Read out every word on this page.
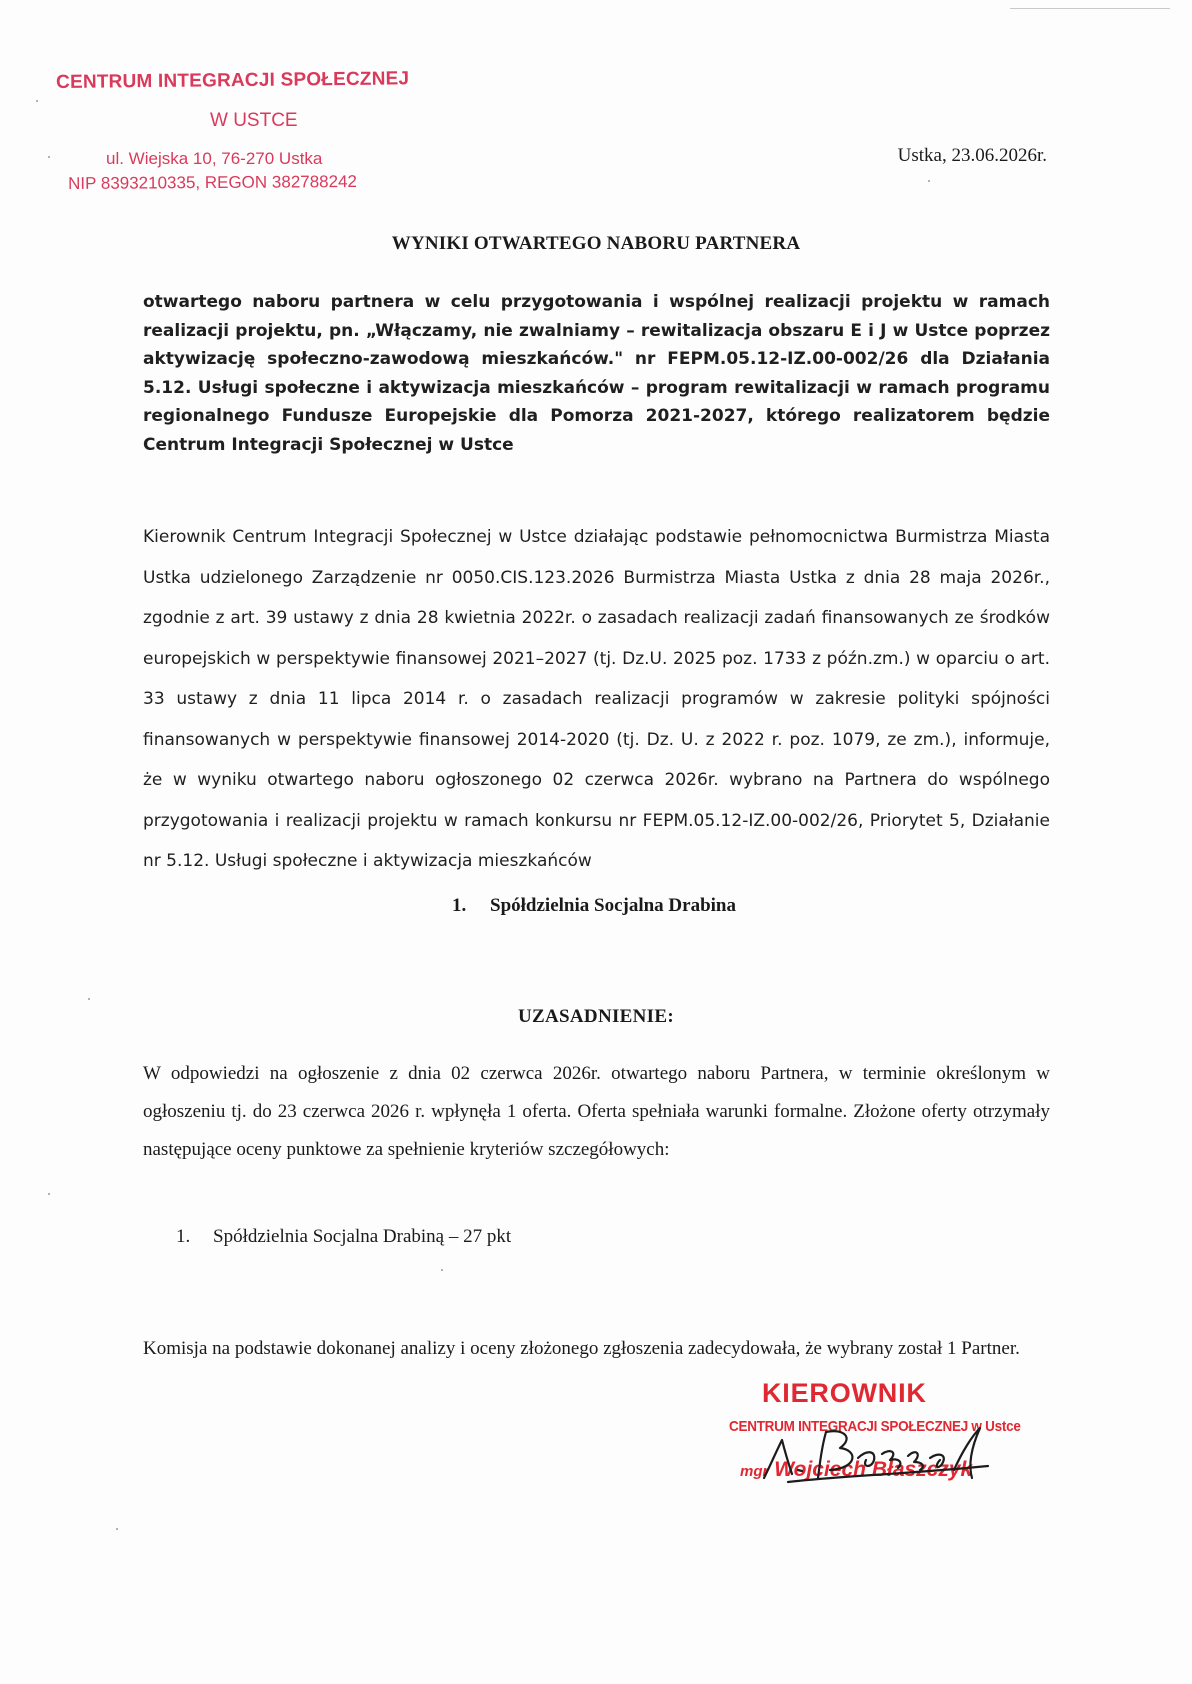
CENTRUM INTEGRACJI SPOŁECZNEJ
W USTCE
ul. Wiejska 10, 76-270 Ustka
NIP 8393210335, REGON 382788242
Ustka, 23.06.2026r.
WYNIKI OTWARTEGO NABORU PARTNERA
otwartego naboru partnera w celu przygotowania i wspólnej realizacji projektu w ramach realizacji projektu, pn. „Włączamy, nie zwalniamy – rewitalizacja obszaru E i J w Ustce poprzez aktywizację społeczno-zawodową mieszkańców." nr FEPM.05.12-IZ.00-002/26 dla Działania 5.12. Usługi społeczne i aktywizacja mieszkańców – program rewitalizacji w ramach programu regionalnego Fundusze Europejskie dla Pomorza 2021-2027, którego realizatorem będzie Centrum Integracji Społecznej w Ustce
Kierownik Centrum Integracji Społecznej w Ustce działając podstawie pełnomocnictwa Burmistrza Miasta Ustka udzielonego Zarządzenie nr 0050.CIS.123.2026 Burmistrza Miasta Ustka z dnia 28 maja 2026r., zgodnie z art. 39 ustawy z dnia 28 kwietnia 2022r. o zasadach realizacji zadań finansowanych ze środków europejskich w perspektywie finansowej 2021–2027 (tj. Dz.U. 2025 poz. 1733 z późn.zm.) w oparciu o art. 33 ustawy z dnia 11 lipca 2014 r. o zasadach realizacji programów w zakresie polityki spójności finansowanych w perspektywie finansowej 2014-2020 (tj. Dz. U. z 2022 r. poz. 1079, ze zm.), informuje, że w wyniku otwartego naboru ogłoszonego 02 czerwca 2026r. wybrano na Partnera do wspólnego przygotowania i realizacji projektu w ramach konkursu nr FEPM.05.12-IZ.00-002/26, Priorytet 5, Działanie nr 5.12. Usługi społeczne i aktywizacja mieszkańców
1. Spółdzielnia Socjalna Drabina
UZASADNIENIE:
W odpowiedzi na ogłoszenie z dnia 02 czerwca 2026r. otwartego naboru Partnera, w terminie określonym w ogłoszeniu tj. do 23 czerwca 2026 r. wpłynęła 1 oferta. Oferta spełniała warunki formalne. Złożone oferty otrzymały następujące oceny punktowe za spełnienie kryteriów szczegółowych:
1. Spółdzielnia Socjalna Drabiną – 27 pkt
Komisja na podstawie dokonanej analizy i oceny złożonego zgłoszenia zadecydowała, że wybrany został 1 Partner.
KIEROWNIK
CENTRUM INTEGRACJI SPOŁECZNEJ w Ustce
mgr Wojciech Błaszczyk
